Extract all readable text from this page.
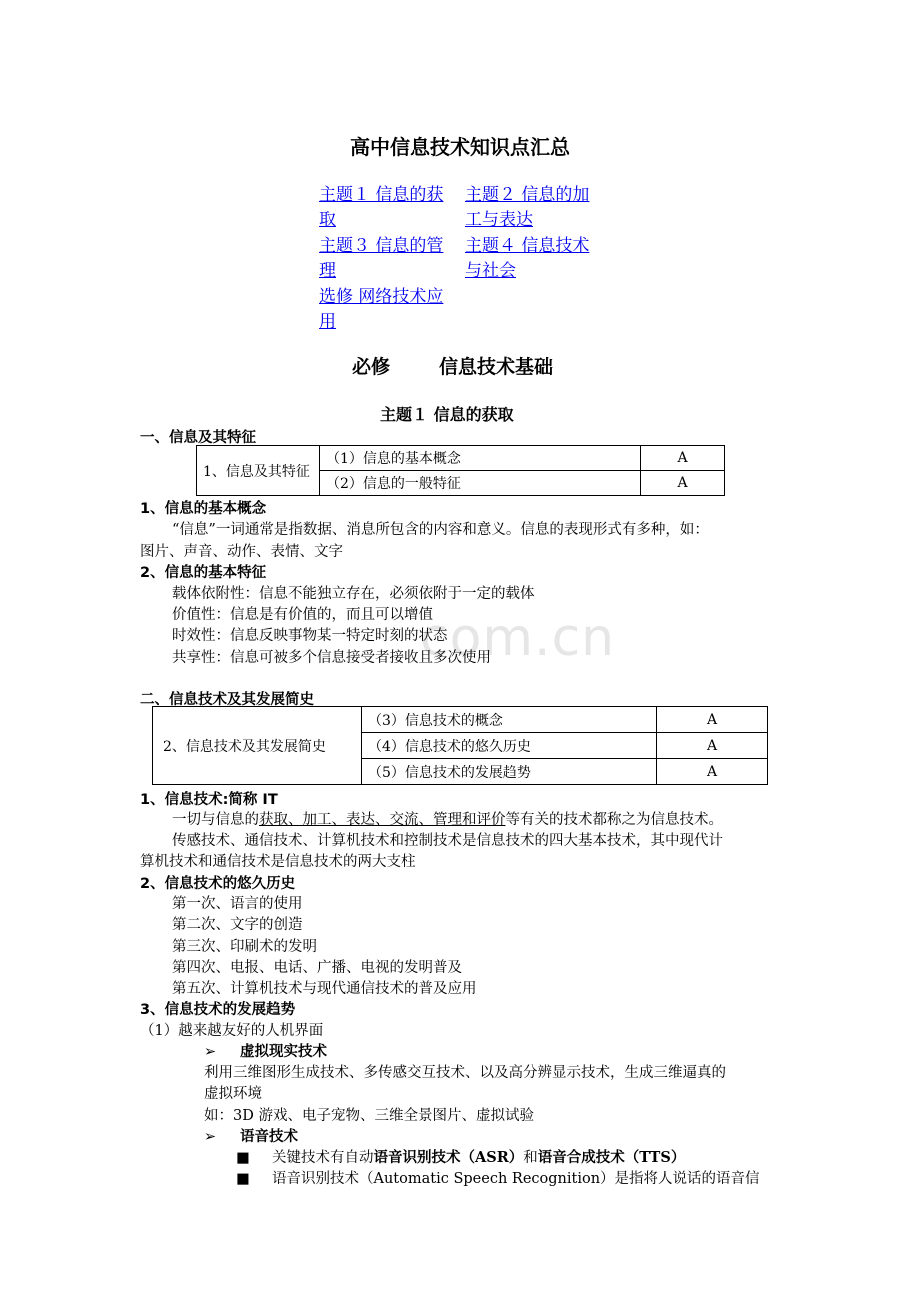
com.cn
高中信息技术知识点汇总
主题１ 信息的获
取
主题２ 信息的加
工与表达
主题３ 信息的管
理
主题４ 信息技术
与社会
选修 网络技术应
用
必修	信息技术基础
主题１ 信息的获取
一、信息及其特征
1、信息及其特征	（1）信息的基本概念	A
	（2）信息的一般特征	A
1、信息的基本概念
“信息”一词通常是指数据、消息所包含的内容和意义。信息的表现形式有多种，如：
图片、声音、动作、表情、文字
2、信息的基本特征
载体依附性：信息不能独立存在，必须依附于一定的载体
价值性：信息是有价值的，而且可以增值
时效性：信息反映事物某一特定时刻的状态
共享性：信息可被多个信息接受者接收且多次使用
二、信息技术及其发展简史
2、信息技术及其发展简史	（3）信息技术的概念	A
	（4）信息技术的悠久历史	A
	（5）信息技术的发展趋势	A
1、信息技术:简称 IT
一切与信息的获取、加工、表达、交流、管理和评价等有关的技术都称之为信息技术。
传感技术、通信技术、计算机技术和控制技术是信息技术的四大基本技术，其中现代计
算机技术和通信技术是信息技术的两大支柱
2、信息技术的悠久历史
第一次、语言的使用
第二次、文字的创造
第三次、印刷术的发明
第四次、电报、电话、广播、电视的发明普及
第五次、计算机技术与现代通信技术的普及应用
3、信息技术的发展趋势
（1）越来越友好的人机界面
➢ 虚拟现实技术
利用三维图形生成技术、多传感交互技术、以及高分辨显示技术，生成三维逼真的
虚拟环境
如：3D 游戏、电子宠物、三维全景图片、虚拟试验
➢ 语音技术
■ 关键技术有自动语音识别技术（ASR）和语音合成技术（TTS）
■ 语音识别技术（Automatic Speech Recognition）是指将人说话的语音信
